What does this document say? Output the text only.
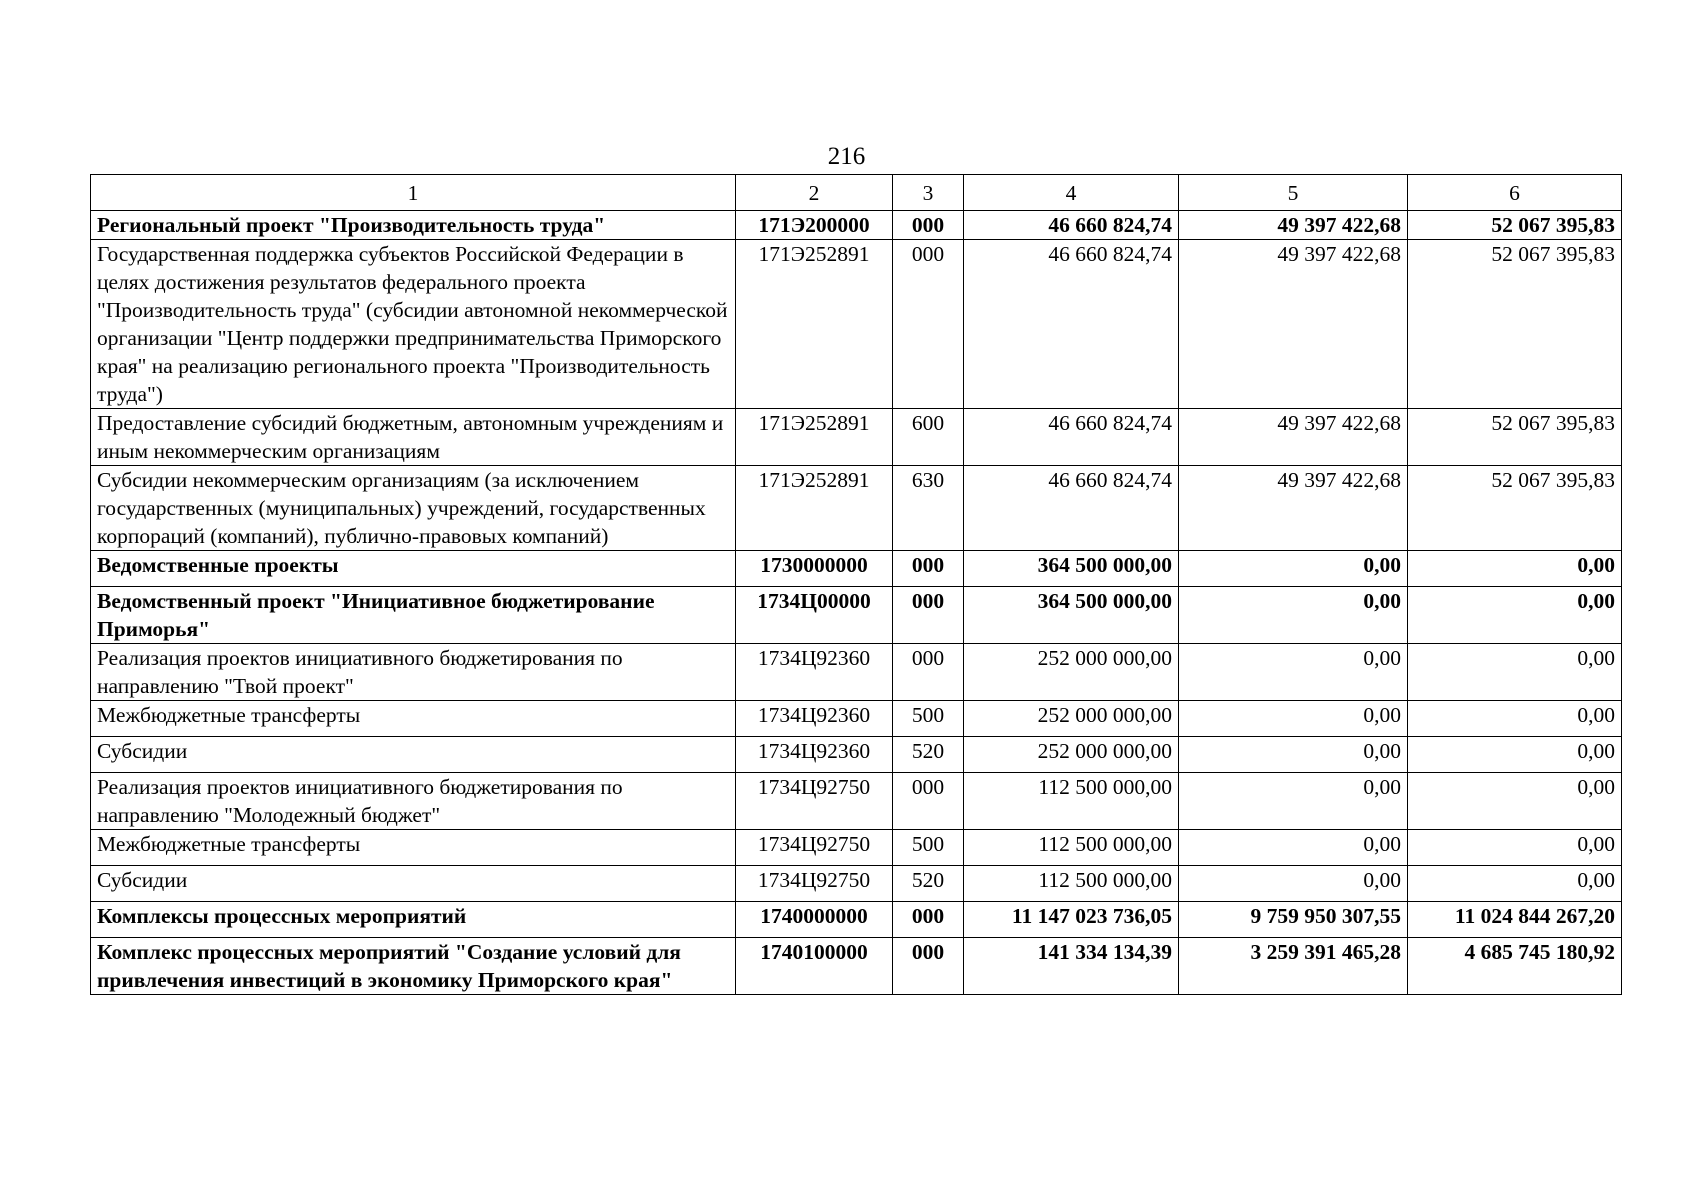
216
1	2	3	4	5	6
Региональный проект "Производительность труда"	171Э200000	000	46 660 824,74	49 397 422,68	52 067 395,83
Государственная поддержка субъектов Российской Федерации в целях достижения результатов федерального проекта "Производительность труда" (субсидии автономной некоммерческой организации "Центр поддержки предпринимательства Приморского края" на реализацию регионального проекта "Производительность труда")	171Э252891	000	46 660 824,74	49 397 422,68	52 067 395,83
Предоставление субсидий бюджетным, автономным учреждениям и иным некоммерческим организациям	171Э252891	600	46 660 824,74	49 397 422,68	52 067 395,83
Субсидии некоммерческим организациям (за исключением государственных (муниципальных) учреждений, государственных корпораций (компаний), публично-правовых компаний)	171Э252891	630	46 660 824,74	49 397 422,68	52 067 395,83
Ведомственные проекты	1730000000	000	364 500 000,00	0,00	0,00
Ведомственный проект "Инициативное бюджетирование Приморья"	1734Ц00000	000	364 500 000,00	0,00	0,00
Реализация проектов инициативного бюджетирования по направлению "Твой проект"	1734Ц92360	000	252 000 000,00	0,00	0,00
Межбюджетные трансферты	1734Ц92360	500	252 000 000,00	0,00	0,00
Субсидии	1734Ц92360	520	252 000 000,00	0,00	0,00
Реализация проектов инициативного бюджетирования по направлению "Молодежный бюджет"	1734Ц92750	000	112 500 000,00	0,00	0,00
Межбюджетные трансферты	1734Ц92750	500	112 500 000,00	0,00	0,00
Субсидии	1734Ц92750	520	112 500 000,00	0,00	0,00
Комплексы процессных мероприятий	1740000000	000	11 147 023 736,05	9 759 950 307,55	11 024 844 267,20
Комплекс процессных мероприятий "Создание условий для привлечения инвестиций в экономику Приморского края"	1740100000	000	141 334 134,39	3 259 391 465,28	4 685 745 180,92
